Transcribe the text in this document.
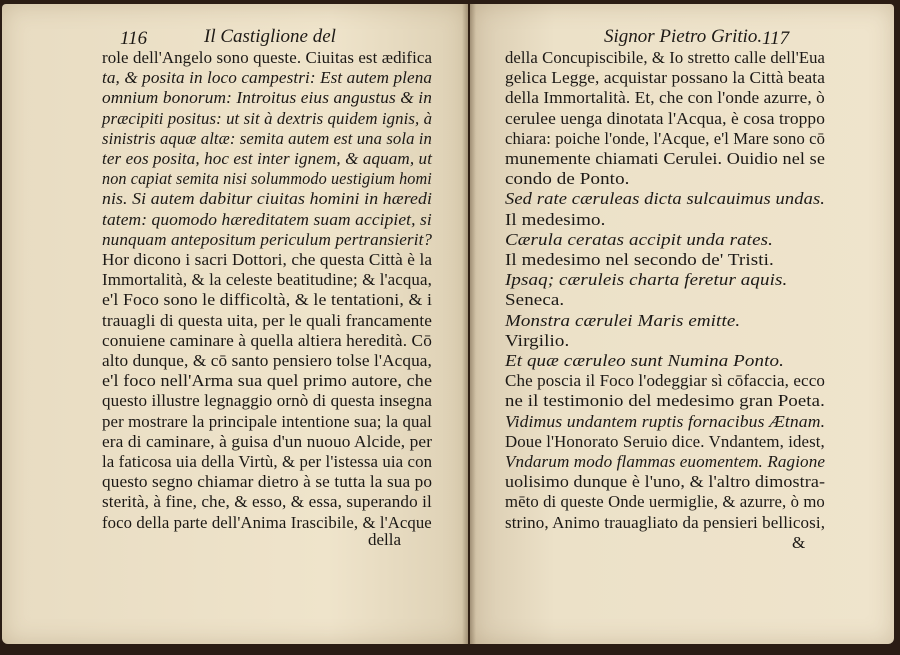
116	Il Castiglione del	Signor Pietro Gritio. 117
role dell'Angelo sono queste. Ciuitas est ædifica
ta, & posita in loco campestri: Est autem plena
omnium bonorum: Introitus eius angustus & in
præcipiti positus: ut sit à dextris quidem ignis, à
sinistris aquæ altæ: semita autem est una sola in
ter eos posita, hoc est inter ignem, & aquam, ut
non capiat semita nisi solummodo uestigium homi
nis. Si autem dabitur ciuitas homini in hæredi
tatem: quomodo hæreditatem suam accipiet, si
nunquam antepositum periculum pertransierit?
Hor dicono i sacri Dottori, che questa Città è la
Immortalità, & la celeste beatitudine; & l'acqua,
e'l Foco sono le difficoltà, & le tentationi, & i
trauagli di questa uita, per le quali francamente
conuiene caminare à quella altiera heredità. Cō
alto dunque, & cō santo pensiero tolse l'Acqua,
e'l foco nell'Arma sua quel primo autore, che
questo illustre legnaggio ornò di questa insegna
per mostrare la principale intentione sua; la qual
era di caminare, à guisa d'un nuouo Alcide, per
la faticosa uia della Virtù, & per l'istessa uia con
questo segno chiamar dietro à se tutta la sua po
sterità, à fine, che, & esso, & essa, superando il
foco della parte dell'Anima Irascibile, & l'Acque
della Concupiscibile, & Io stretto calle dell'Eua
gelica Legge, acquistar possano la Città beata
della Immortalità. Et, che con l'onde azurre, ò
cerulee uenga dinotata l'Acqua, è cosa troppo
chiara: poiche l'onde, l'Acque, e'l Mare sono cō
munemente chiamati Cerulei. Ouidio nel se
condo de Ponto.
Sed rate cæruleas dicta sulcauimus undas.
Il medesimo.
Cærula ceratas accipit unda rates.
Il medesimo nel secondo de' Tristi.
Ipsaq; cæruleis charta feretur aquis.
Seneca.
Monstra cærulei Maris emitte.
Virgilio.
Et quæ cæruleo sunt Numina Ponto.
Che poscia il Foco l'odeggiar sì cōfaccia, ecco
ne il testimonio del medesimo gran Poeta.
Vidimus undantem ruptis fornacibus Ætnam.
Doue l'Honorato Seruio dice. Vndantem, idest,
Vndarum modo flammas euomentem. Ragione
uolisimo dunque è l'uno, & l'altro dimostra-
mēto di queste Onde uermiglie, & azurre, ò mo
strino, Animo trauagliato da pensieri bellicosi,
della	&
